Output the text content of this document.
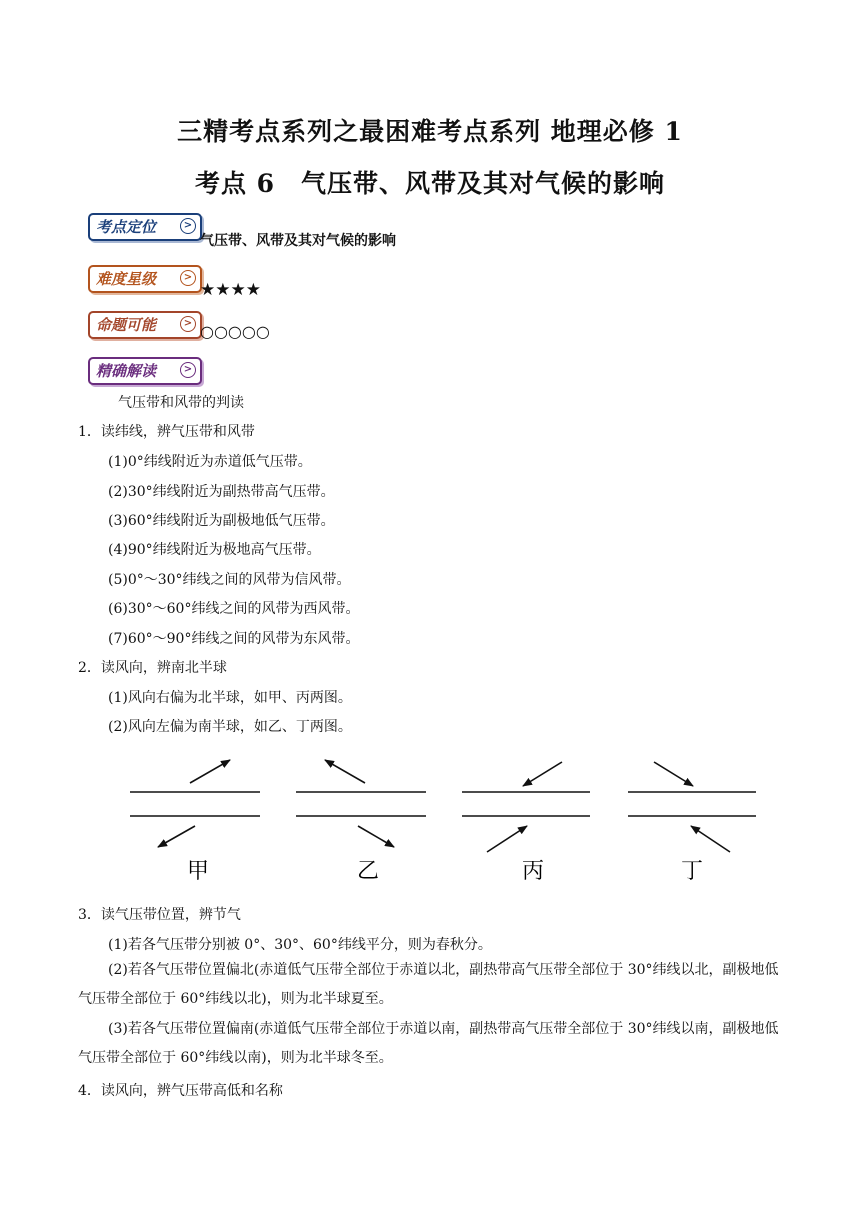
三精考点系列之最困难考点系列 地理必修 1
考点 6　气压带、风带及其对气候的影响
考点定位	>
气压带、风带及其对气候的影响
难度星级	>
★★★★
命题可能	> ○○○○○
精确解读	>
气压带和风带的判读
1．读纬线，辨气压带和风带
(1)0°纬线附近为赤道低气压带。
(2)30°纬线附近为副热带高气压带。
(3)60°纬线附近为副极地低气压带。
(4)90°纬线附近为极地高气压带。
(5)0°～30°纬线之间的风带为信风带。
(6)30°～60°纬线之间的风带为西风带。
(7)60°～90°纬线之间的风带为东风带。
2．读风向，辨南北半球
(1)风向右偏为北半球，如甲、丙两图。
(2)风向左偏为南半球，如乙、丁两图。
甲	乙	丙	丁
3．读气压带位置，辨节气
(1)若各气压带分别被 0°、30°、60°纬线平分，则为春秋分。
(2)若各气压带位置偏北(赤道低气压带全部位于赤道以北，副热带高气压带全部位于 30°纬线以北，副极地低气压带全部位于 60°纬线以北)，则为北半球夏至。
(3)若各气压带位置偏南(赤道低气压带全部位于赤道以南，副热带高气压带全部位于 30°纬线以南，副极地低气压带全部位于 60°纬线以南)，则为北半球冬至。
4．读风向，辨气压带高低和名称
